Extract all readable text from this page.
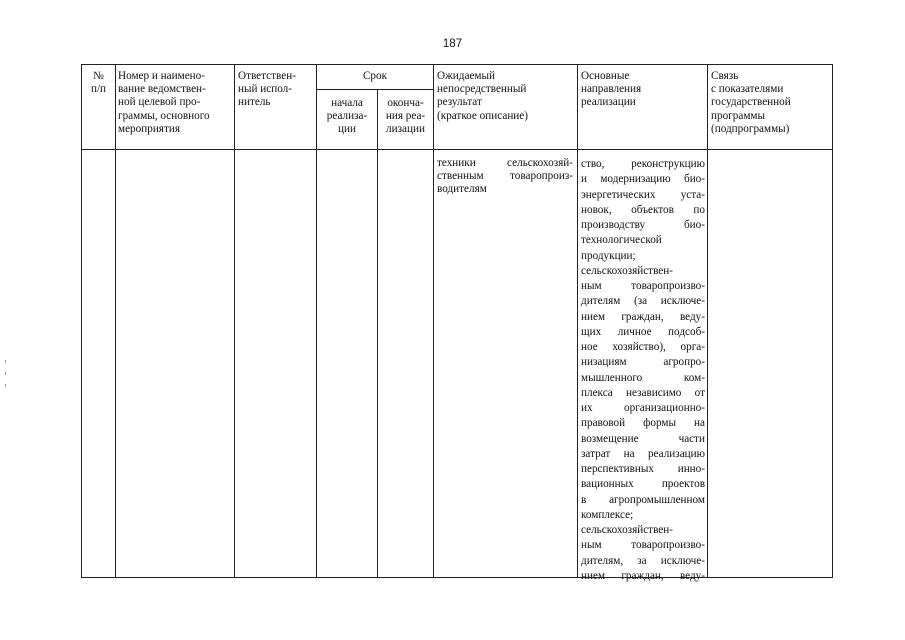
187
№
п/п
Номер и наимено-
вание ведомствен-
ной целевой про-
граммы, основного
мероприятия
Ответствен-
ный испол-
нитель
Срок
начала
реализа-
ции
оконча-
ния реа-
лизации
Ожидаемый
непосредственный
результат
(краткое описание)
Основные
направления
реализации
Связь
с показателями
государственной
программы
(подпрограммы)
техники сельскохозяй-
ственным товаропроиз-
водителям
ство, реконструкцию
и модернизацию био-
энергетических уста-
новок, объектов по
производству био-
технологической
продукции;
сельскохозяйствен-
ным товаропроизво-
дителям (за исключе-
нием граждан, веду-
щих личное подсоб-
ное хозяйство), орга-
низациям агропро-
мышленного ком-
плекса независимо от
их организационно-
правовой формы на
возмещение части
затрат на реализацию
перспективных инно-
вационных проектов
в агропромышленном
комплексе;
сельскохозяйствен-
ным товаропроизво-
дителям, за исключе-
нием граждан, веду-
